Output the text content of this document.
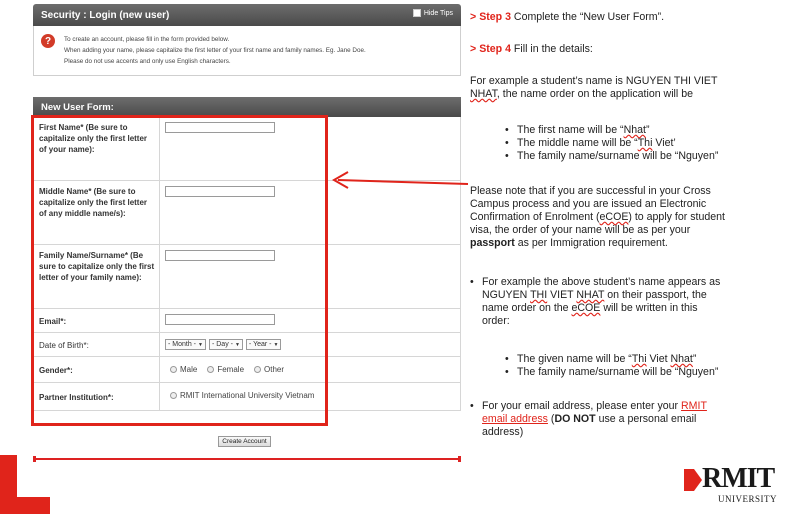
Security : Login (new user)	Hide Tips
?	To create an account, please fill in the form provided below.
When adding your name, please capitalize the first letter of your first name and family names. Eg. Jane Doe.
Please do not use accents and only use English characters.
New User Form:
First Name* (Be sure to capitalize only the first letter of your name):
Middle Name* (Be sure to capitalize only the first letter of any middle name/s):
Family Name/Surname* (Be sure to capitalize only the first letter of your family name):
Email*:
Date of Birth*:	- Month - ▼ - Day - ▼ - Year - ▼
Gender*:	Male	Female	Other
Partner Institution*:	RMIT International University Vietnam
Create Account
> Step 3 Complete the “New User Form”.
> Step 4 Fill in the details:
For example a student’s name is NGUYEN THI VIET
NHAT, the name order on the application will be
• The first name will be “Nhat”
• The middle name will be “Thi Viet’
• The family name/surname will be “Nguyen”
Please note that if you are successful in your Cross
Campus process and you are issued an Electronic
Confirmation of Enrolment (eCOE) to apply for student
visa, the order of your name will be as per your
passport as per Immigration requirement.
• For example the above student’s name appears as
NGUYEN THI VIET NHAT on their passport, the
name order on the eCOE will be written in this
order:
• The given name will be “Thi Viet Nhat”
• The family name/surname will be “Nguyen”
• For your email address, please enter your RMIT
email address (DO NOT use a personal email
address)
RMIT
UNIVERSITY
